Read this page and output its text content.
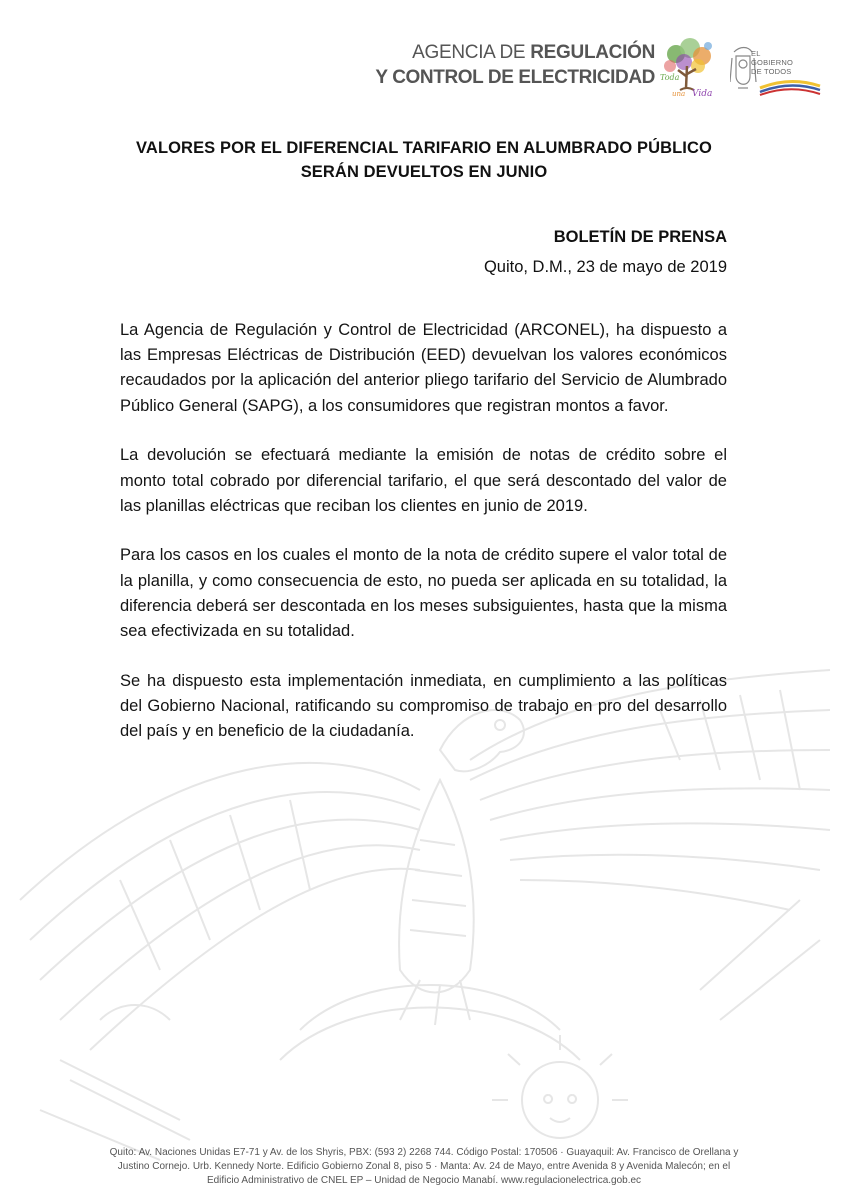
AGENCIA DE REGULACIÓN
Y CONTROL DE ELECTRICIDAD Toda
una Vida
EL
GOBIERNO
DE TODOS
VALORES POR EL DIFERENCIAL TARIFARIO EN ALUMBRADO PÚBLICO
SERÁN DEVUELTOS EN JUNIO
BOLETÍN DE PRENSA
Quito, D.M., 23 de mayo de 2019

La Agencia de Regulación y Control de Electricidad (ARCONEL), ha dispuesto a las Empresas Eléctricas de Distribución (EED) devuelvan los valores económicos recaudados por la aplicación del anterior pliego tarifario del Servicio de Alumbrado Público General (SAPG), a los consumidores que registran montos a favor.

La devolución se efectuará mediante la emisión de notas de crédito sobre el monto total cobrado por diferencial tarifario, el que será descontado del valor de las planillas eléctricas que reciban los clientes en junio de 2019.

Para los casos en los cuales el monto de la nota de crédito supere el valor total de la planilla, y como consecuencia de esto, no pueda ser aplicada en su totalidad, la diferencia deberá ser descontada en los meses subsiguientes, hasta que la misma sea efectivizada en su totalidad.

Se ha dispuesto esta implementación inmediata, en cumplimiento a las políticas del Gobierno Nacional, ratificando su compromiso de trabajo en pro del desarrollo del país y en beneficio de la ciudadanía.

Quito: Av. Naciones Unidas E7-71 y Av. de los Shyris, PBX: (593 2) 2268 744. Código Postal: 170506 · Guayaquil: Av. Francisco de Orellana y
Justino Cornejo. Urb. Kennedy Norte. Edificio Gobierno Zonal 8, piso 5 · Manta: Av. 24 de Mayo, entre Avenida 8 y Avenida Malecón; en el
Edificio Administrativo de CNEL EP – Unidad de Negocio Manabí. www.regulacionelectrica.gob.ec
